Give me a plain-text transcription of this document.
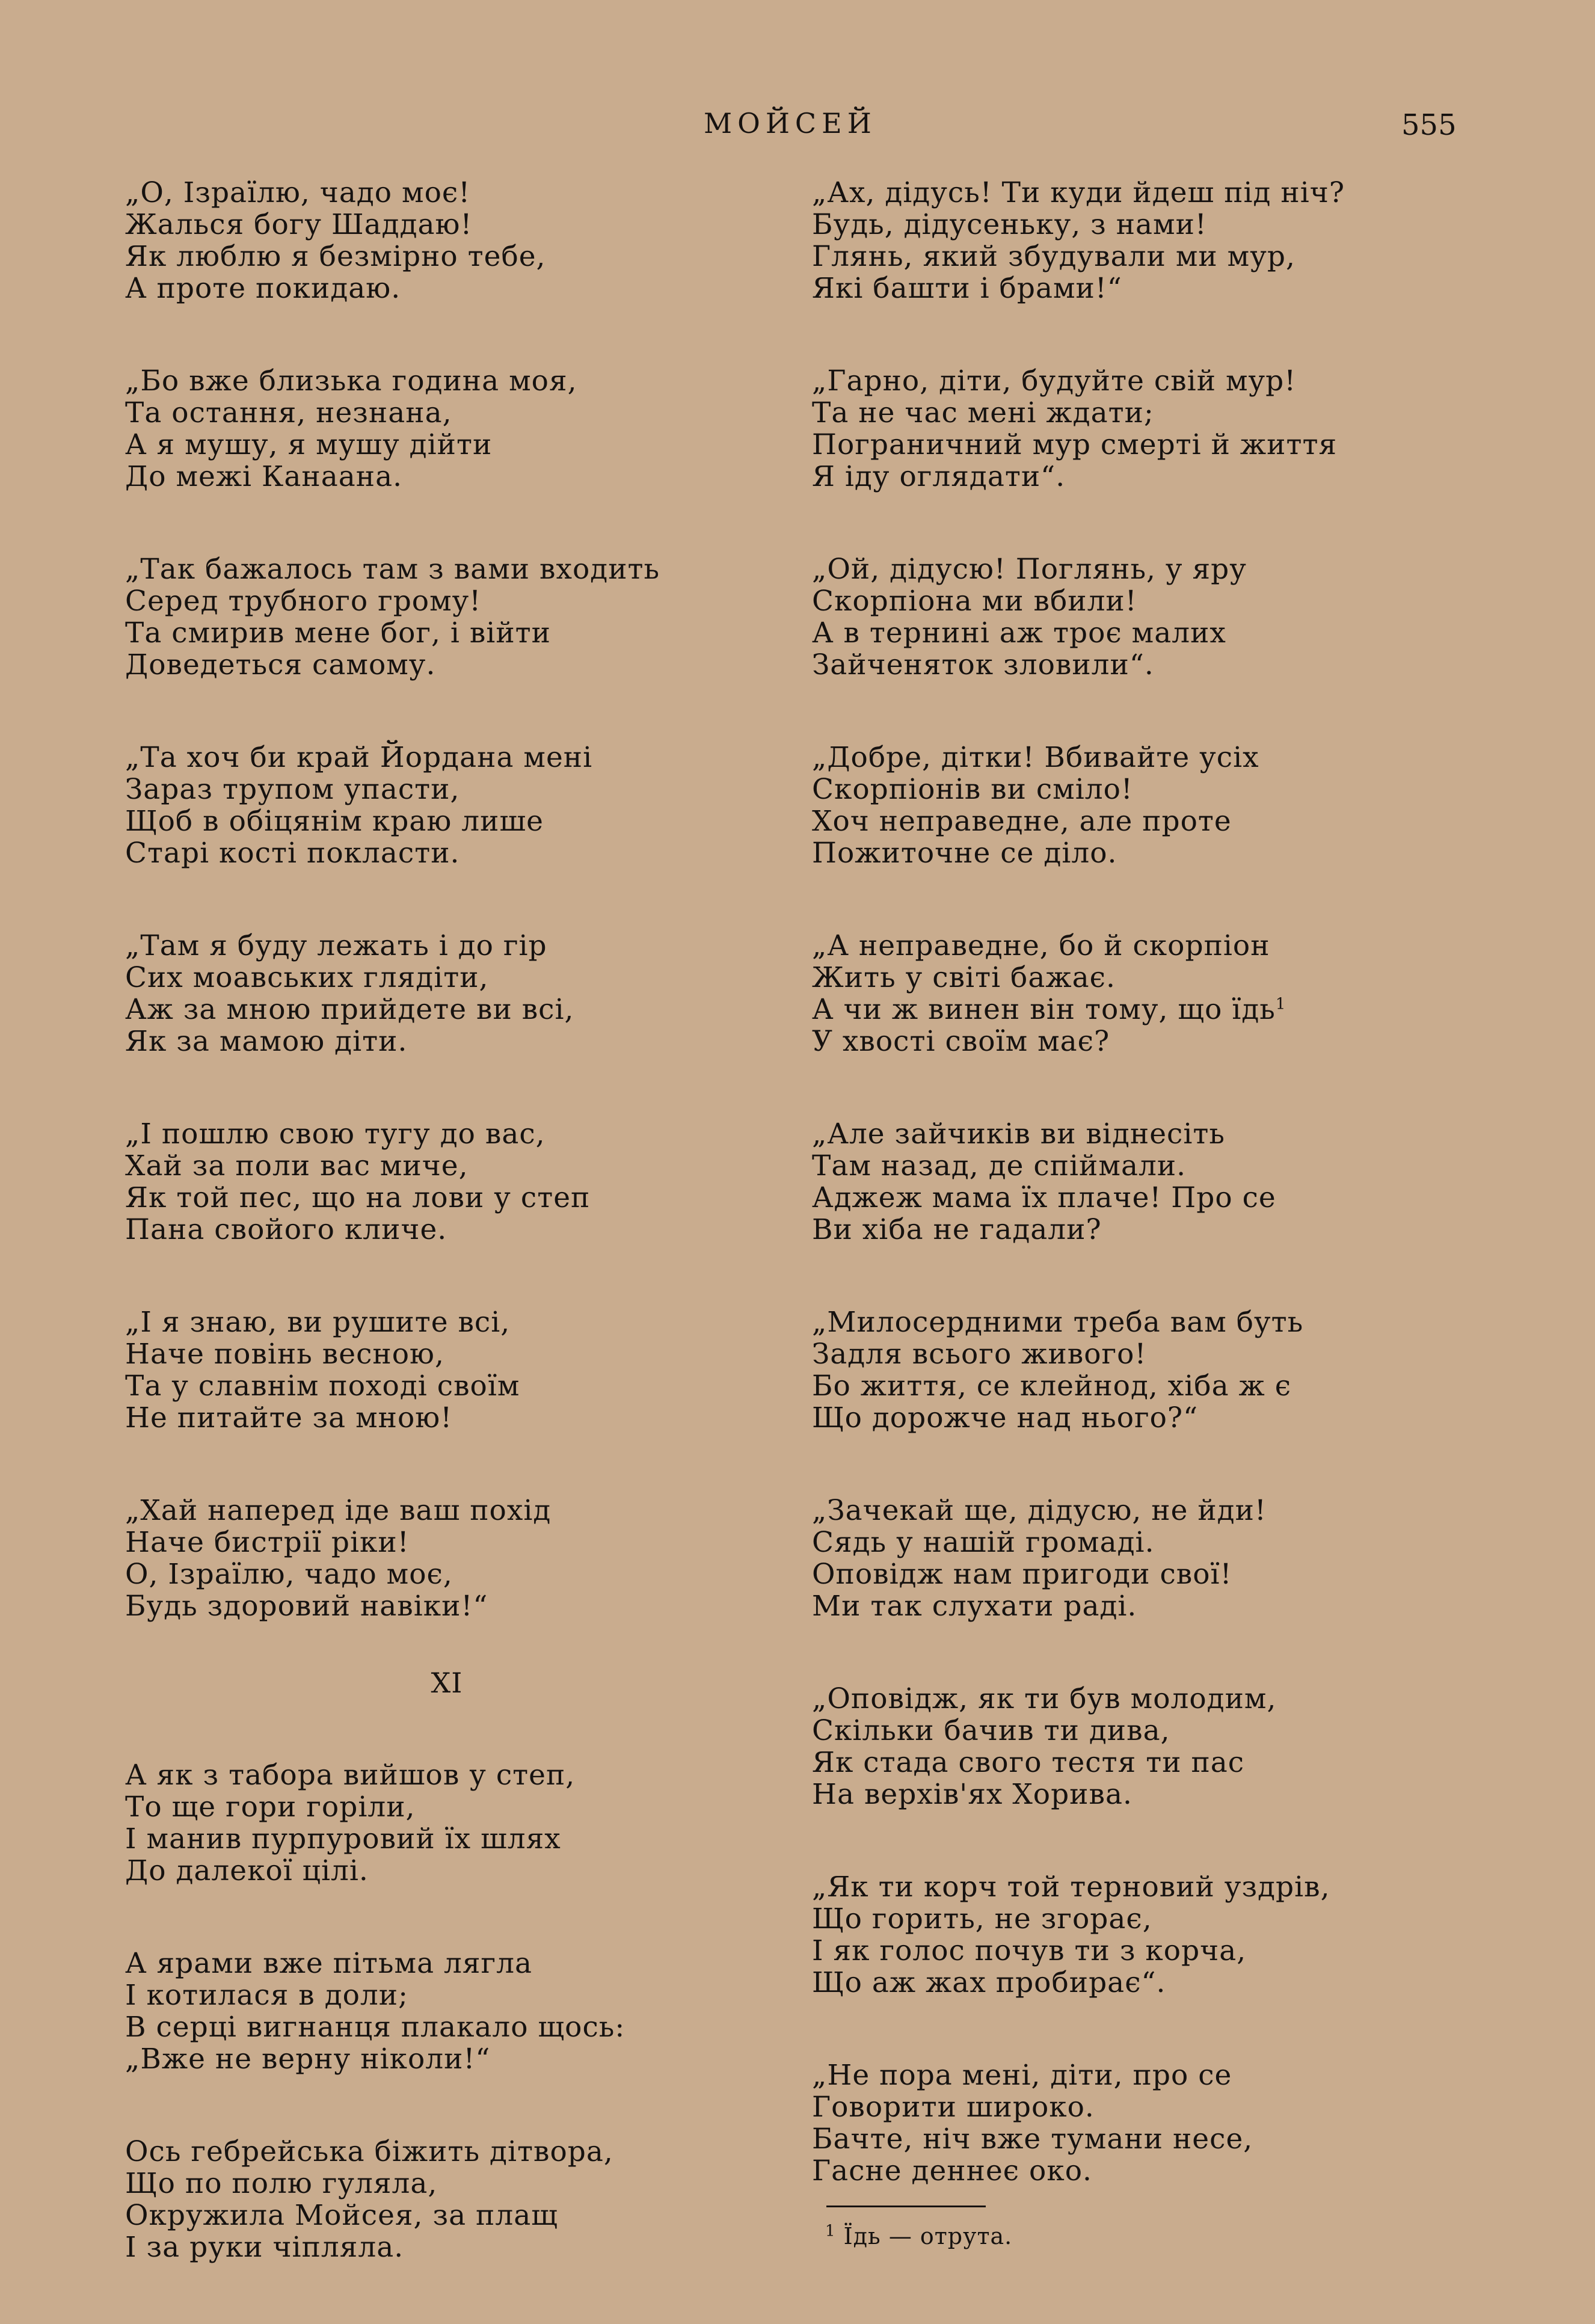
МОЙСЕЙ	555
„О, Ізраїлю, чадо моє!
Жалься богу Шаддаю!
Як люблю я безмірно тебе,
А проте покидаю.
„Бо вже близька година моя,
Та остання, незнана,
А я мушу, я мушу дійти
До межі Канаана.
„Так бажалось там з вами входить
Серед трубного грому!
Та смирив мене бог, і війти
Доведеться самому.
„Та хоч би край Йордана мені
Зараз трупом упасти,
Щоб в обіцянім краю лише
Старі кості покласти.
„Там я буду лежать і до гір
Сих моавських глядіти,
Аж за мною прийдете ви всі,
Як за мамою діти.
„І пошлю свою тугу до вас,
Хай за поли вас миче,
Як той пес, що на лови у степ
Пана свойого кличе.
„І я знаю, ви рушите всі,
Наче повінь весною,
Та у славнім поході своїм
Не питайте за мною!
„Хай наперед іде ваш похід
Наче бистрії ріки!
О, Ізраїлю, чадо моє,
Будь здоровий навіки!“
XI
А як з табора вийшов у степ,
То ще гори горіли,
І манив пурпуровий їх шлях
До далекої цілі.
А ярами вже пітьма лягла
І котилася в доли;
В серці вигнанця плакало щось:
„Вже не верну ніколи!“
Ось гебрейська біжить дітвора,
Що по полю гуляла,
Окружила Мойсея, за плащ
І за руки чіпляла.
„Ах, дідусь! Ти куди йдеш під ніч?
Будь, дідусеньку, з нами!
Глянь, який збудували ми мур,
Які башти і брами!“
„Гарно, діти, будуйте свій мур!
Та не час мені ждати;
Пограничний мур смерті й життя
Я іду оглядати“.
„Ой, дідусю! Поглянь, у яру
Скорпіона ми вбили!
А в тернині аж троє малих
Зайченяток зловили“.
„Добре, дітки! Вбивайте усіх
Скорпіонів ви сміло!
Хоч неправедне, але проте
Пожиточне се діло.
„А неправедне, бо й скорпіон
Жить у світі бажає.
А чи ж винен він тому, що їдь$^1$
У хвості своїм має?
„Але зайчиків ви віднесіть
Там назад, де спіймали.
Аджеж мама їх плаче! Про се
Ви хіба не гадали?
„Милосердними треба вам буть
Задля всього живого!
Бо життя, се клейнод, хіба ж є
Що дорожче над нього?“
„Зачекай ще, дідусю, не йди!
Сядь у нашій громаді.
Оповідж нам пригоди свої!
Ми так слухати раді.
„Оповідж, як ти був молодим,
Скільки бачив ти дива,
Як стада свого тестя ти пас
На верхів'ях Хорива.
„Як ти корч той терновий уздрів,
Що горить, не згорає,
І як голос почув ти з корча,
Що аж жах пробирає“.
„Не пора мені, діти, про се
Говорити широко.
Бачте, ніч вже тумани несе,
Гасне деннеє око.
$^1$ Їдь — отрута.
